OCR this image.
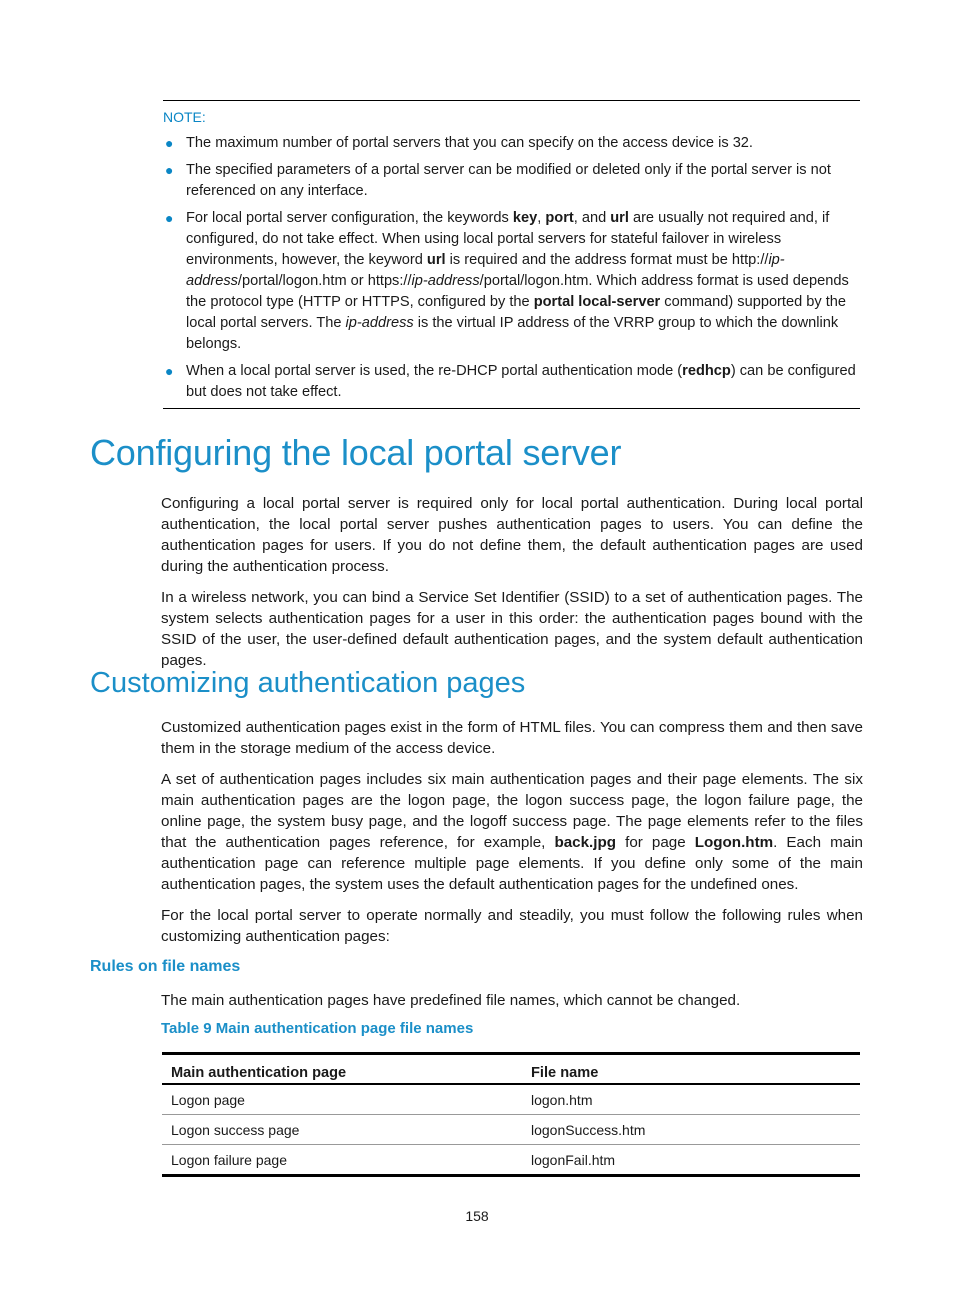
NOTE:

● The maximum number of portal servers that you can specify on the access device is 32.
● The specified parameters of a portal server can be modified or deleted only if the portal server is not referenced on any interface.
● For local portal server configuration, the keywords key, port, and url are usually not required and, if configured, do not take effect. When using local portal servers for stateful failover in wireless environments, however, the keyword url is required and the address format must be http://ip-address/portal/logon.htm or https://ip-address/portal/logon.htm. Which address format is used depends the protocol type (HTTP or HTTPS, configured by the portal local-server command) supported by the local portal servers. The ip-address is the virtual IP address of the VRRP group to which the downlink belongs.
● When a local portal server is used, the re-DHCP portal authentication mode (redhcp) can be configured but does not take effect.
Configuring the local portal server

Configuring a local portal server is required only for local portal authentication. During local portal authentication, the local portal server pushes authentication pages to users. You can define the authentication pages for users. If you do not define them, the default authentication pages are used during the authentication process.

In a wireless network, you can bind a Service Set Identifier (SSID) to a set of authentication pages. The system selects authentication pages for a user in this order: the authentication pages bound with the SSID of the user, the user-defined default authentication pages, and the system default authentication pages.

Customizing authentication pages

Customized authentication pages exist in the form of HTML files. You can compress them and then save them in the storage medium of the access device.

A set of authentication pages includes six main authentication pages and their page elements. The six main authentication pages are the logon page, the logon success page, the logon failure page, the online page, the system busy page, and the logoff success page. The page elements refer to the files that the authentication pages reference, for example, back.jpg for page Logon.htm. Each main authentication page can reference multiple page elements. If you define only some of the main authentication pages, the system uses the default authentication pages for the undefined ones.

For the local portal server to operate normally and steadily, you must follow the following rules when customizing authentication pages:

Rules on file names

The main authentication pages have predefined file names, which cannot be changed.

Table 9 Main authentication page file names

Main authentication page	File name
Logon page	logon.htm
Logon success page	logonSuccess.htm
Logon failure page	logonFail.htm
158
